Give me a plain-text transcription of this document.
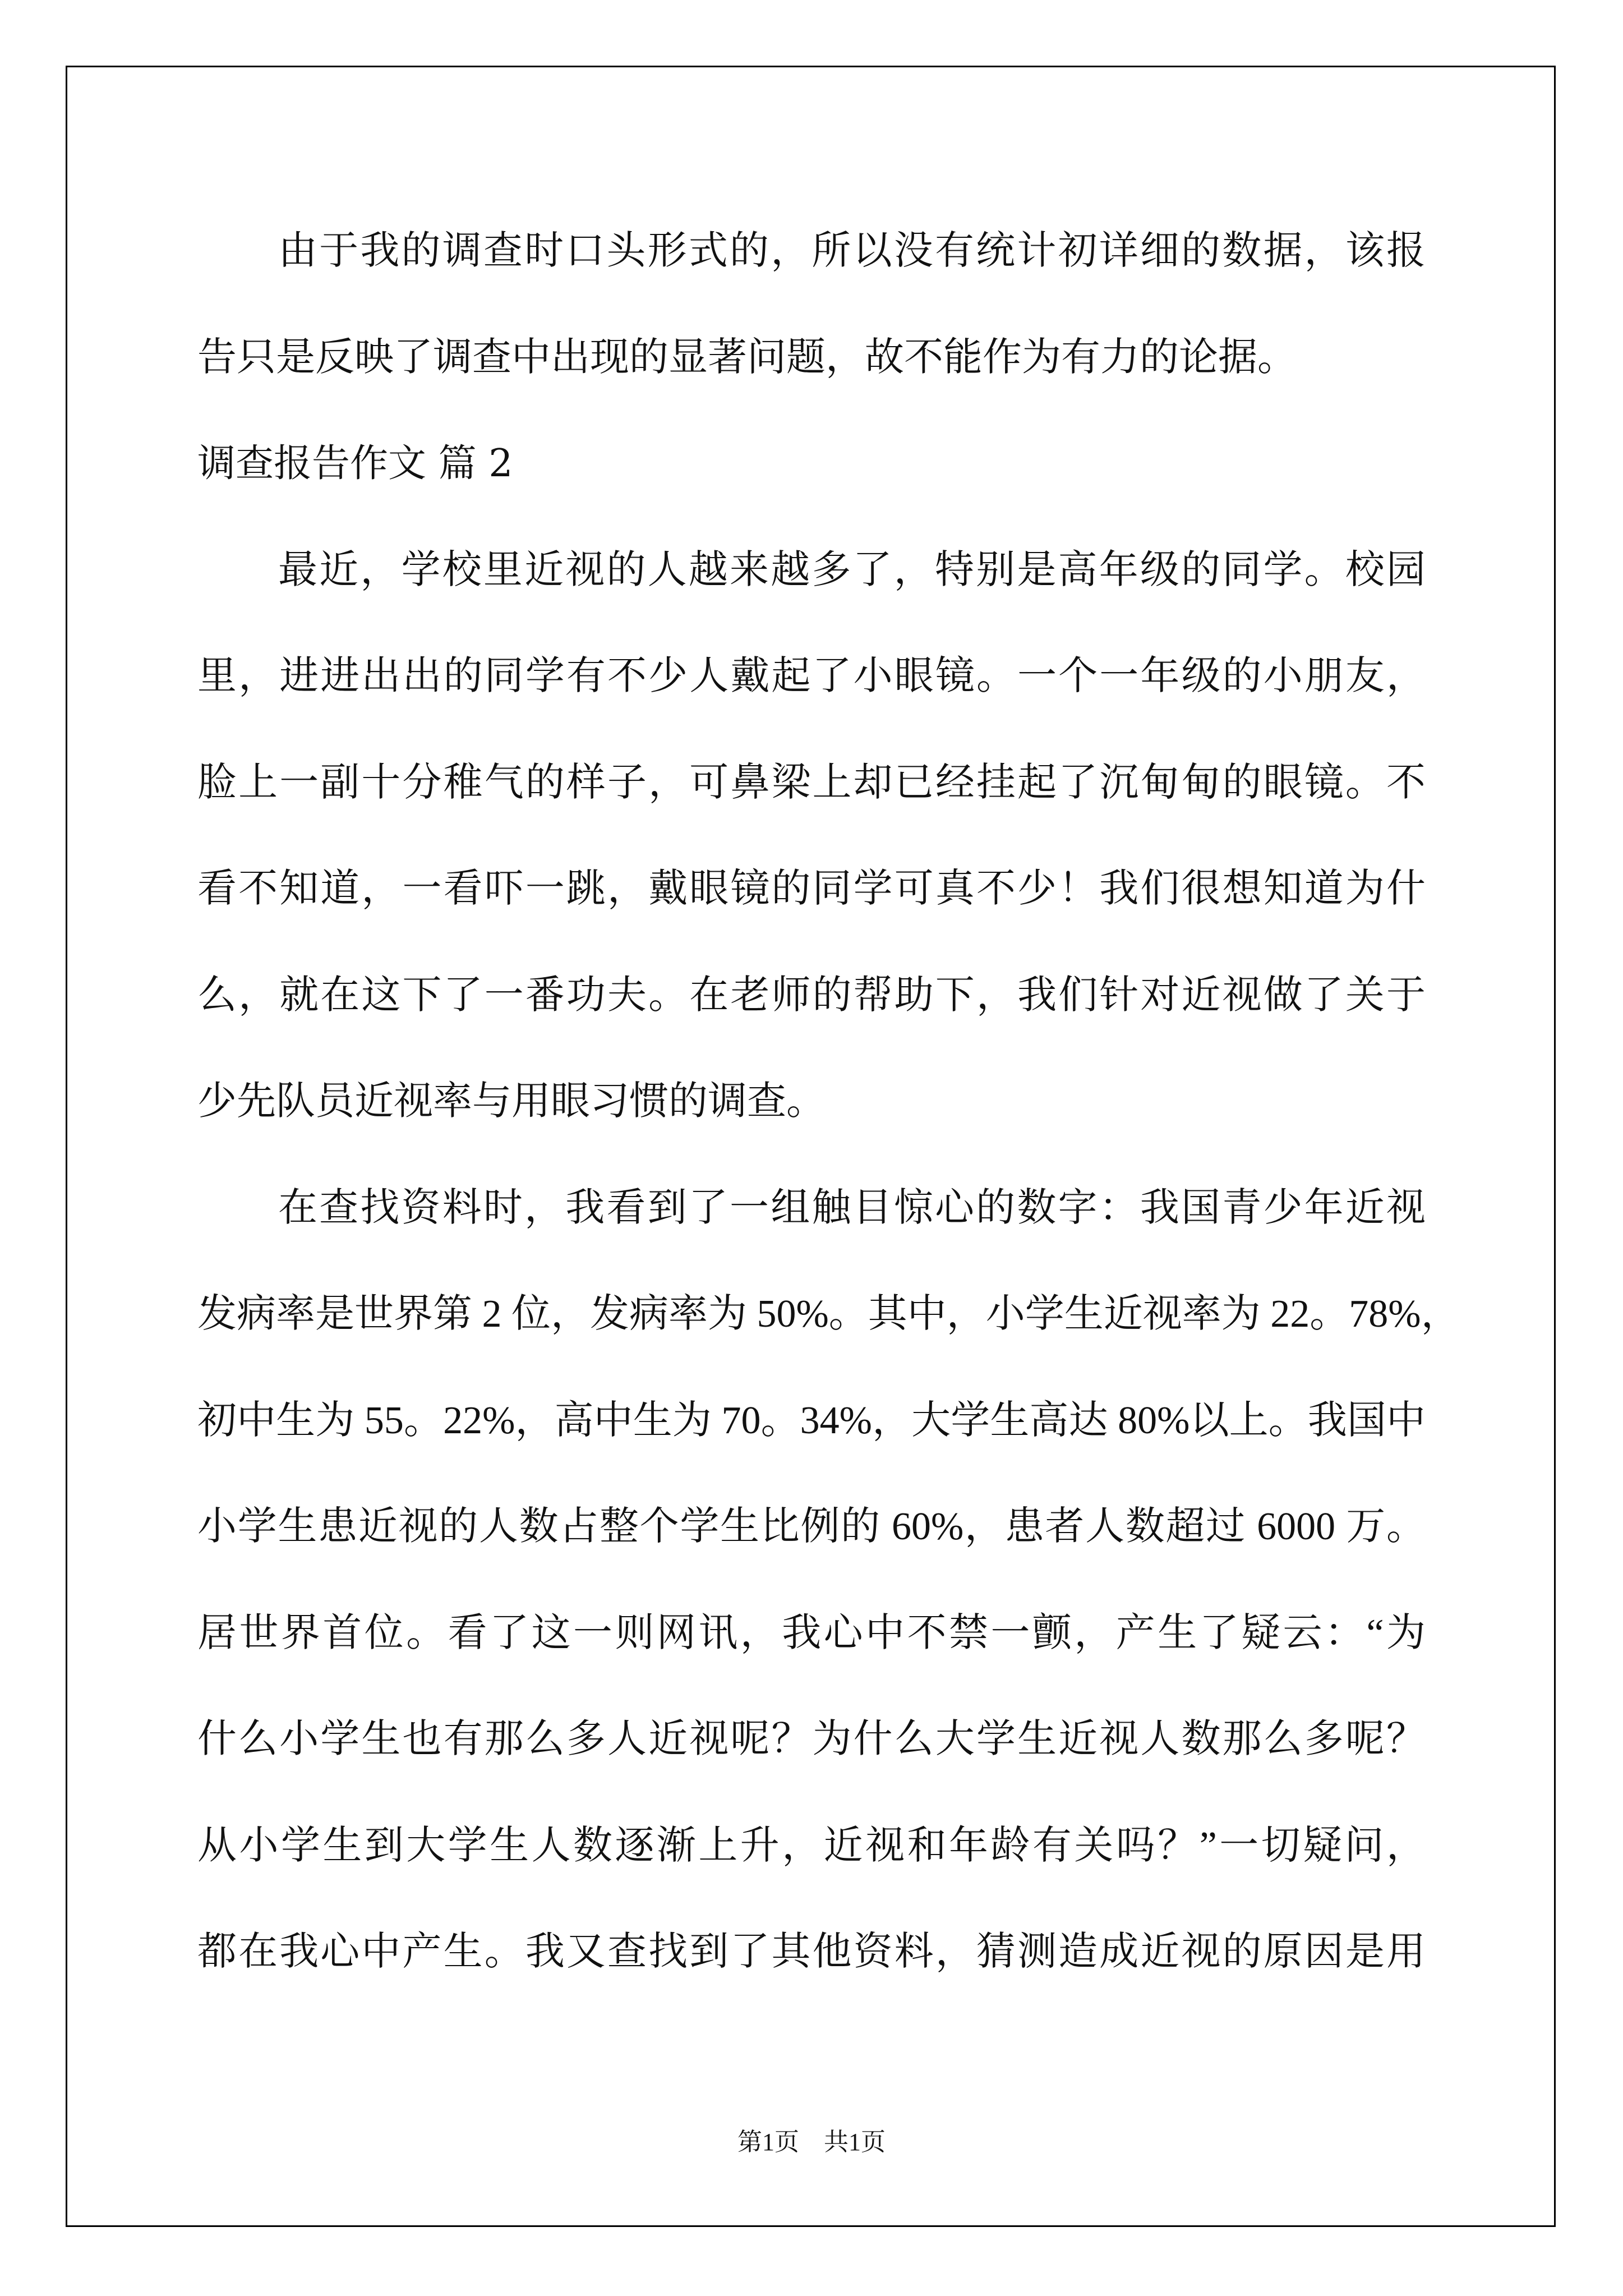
由于我的调查时口头形式的，所以没有统计初详细的数据，该报
告只是反映了调查中出现的显著问题，故不能作为有力的论据。
调查报告作文 篇 2
最近，学校里近视的人越来越多了，特别是高年级的同学。校园
里，进进出出的同学有不少人戴起了小眼镜。一个一年级的小朋友，
脸上一副十分稚气的样子，可鼻梁上却已经挂起了沉甸甸的眼镜。不
看不知道，一看吓一跳，戴眼镜的同学可真不少！我们很想知道为什
么，就在这下了一番功夫。在老师的帮助下，我们针对近视做了关于
少先队员近视率与用眼习惯的调查。
在查找资料时，我看到了一组触目惊心的数字：我国青少年近视
发病率是世界第 2 位，发病率为 50%。其中，小学生近视率为 22。78%，
初中生为 55。22%，高中生为 70。34%，大学生高达 80%以上。我国中
小学生患近视的人数占整个学生比例的 60%，患者人数超过 6000 万。
居世界首位。看了这一则网讯，我心中不禁一颤，产生了疑云：“为
什么小学生也有那么多人近视呢？为什么大学生近视人数那么多呢？
从小学生到大学生人数逐渐上升，近视和年龄有关吗？”一切疑问，
都在我心中产生。我又查找到了其他资料，猜测造成近视的原因是用
第1页　共1页
